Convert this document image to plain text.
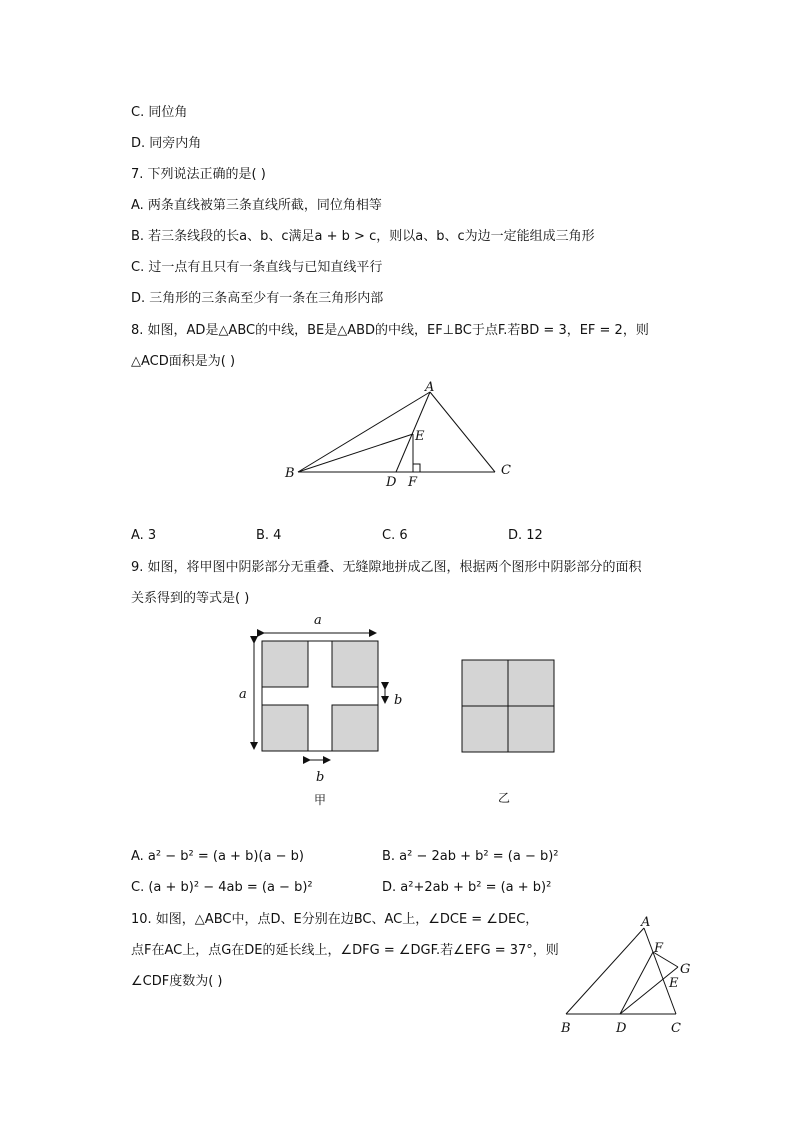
C. 同位角
D. 同旁内角
7. 下列说法正确的是( )
A. 两条直线被第三条直线所截，同位角相等
B. 若三条线段的长a、b、c满足a + b > c，则以a、b、c为边一定能组成三角形
C. 过一点有且只有一条直线与已知直线平行
D. 三角形的三条高至少有一条在三角形内部
8. 如图，AD是△ABC的中线，BE是△ABD的中线，EF⊥BC于点F.若BD = 3，EF = 2，则
△ACD面积是为( )
A
B	C
D
E
F
A. 3	B. 4	C. 6	D. 12
9. 如图，将甲图中阴影部分无重叠、无缝隙地拼成乙图，根据两个图形中阴影部分的面积
关系得到的等式是( )
a
a	b
b
甲	乙
A. a² − b² = (a + b)(a − b)	B. a² − 2ab + b² = (a − b)²
C. (a + b)² − 4ab = (a − b)²	D. a²+2ab + b² = (a + b)²
10. 如图，△ABC中，点D、E分别在边BC、AC上，∠DCE = ∠DEC，
点F在AC上，点G在DE的延长线上，∠DFG = ∠DGF.若∠EFG = 37°，则
∠CDF度数为( )
A
B	C
D
E
F
G
